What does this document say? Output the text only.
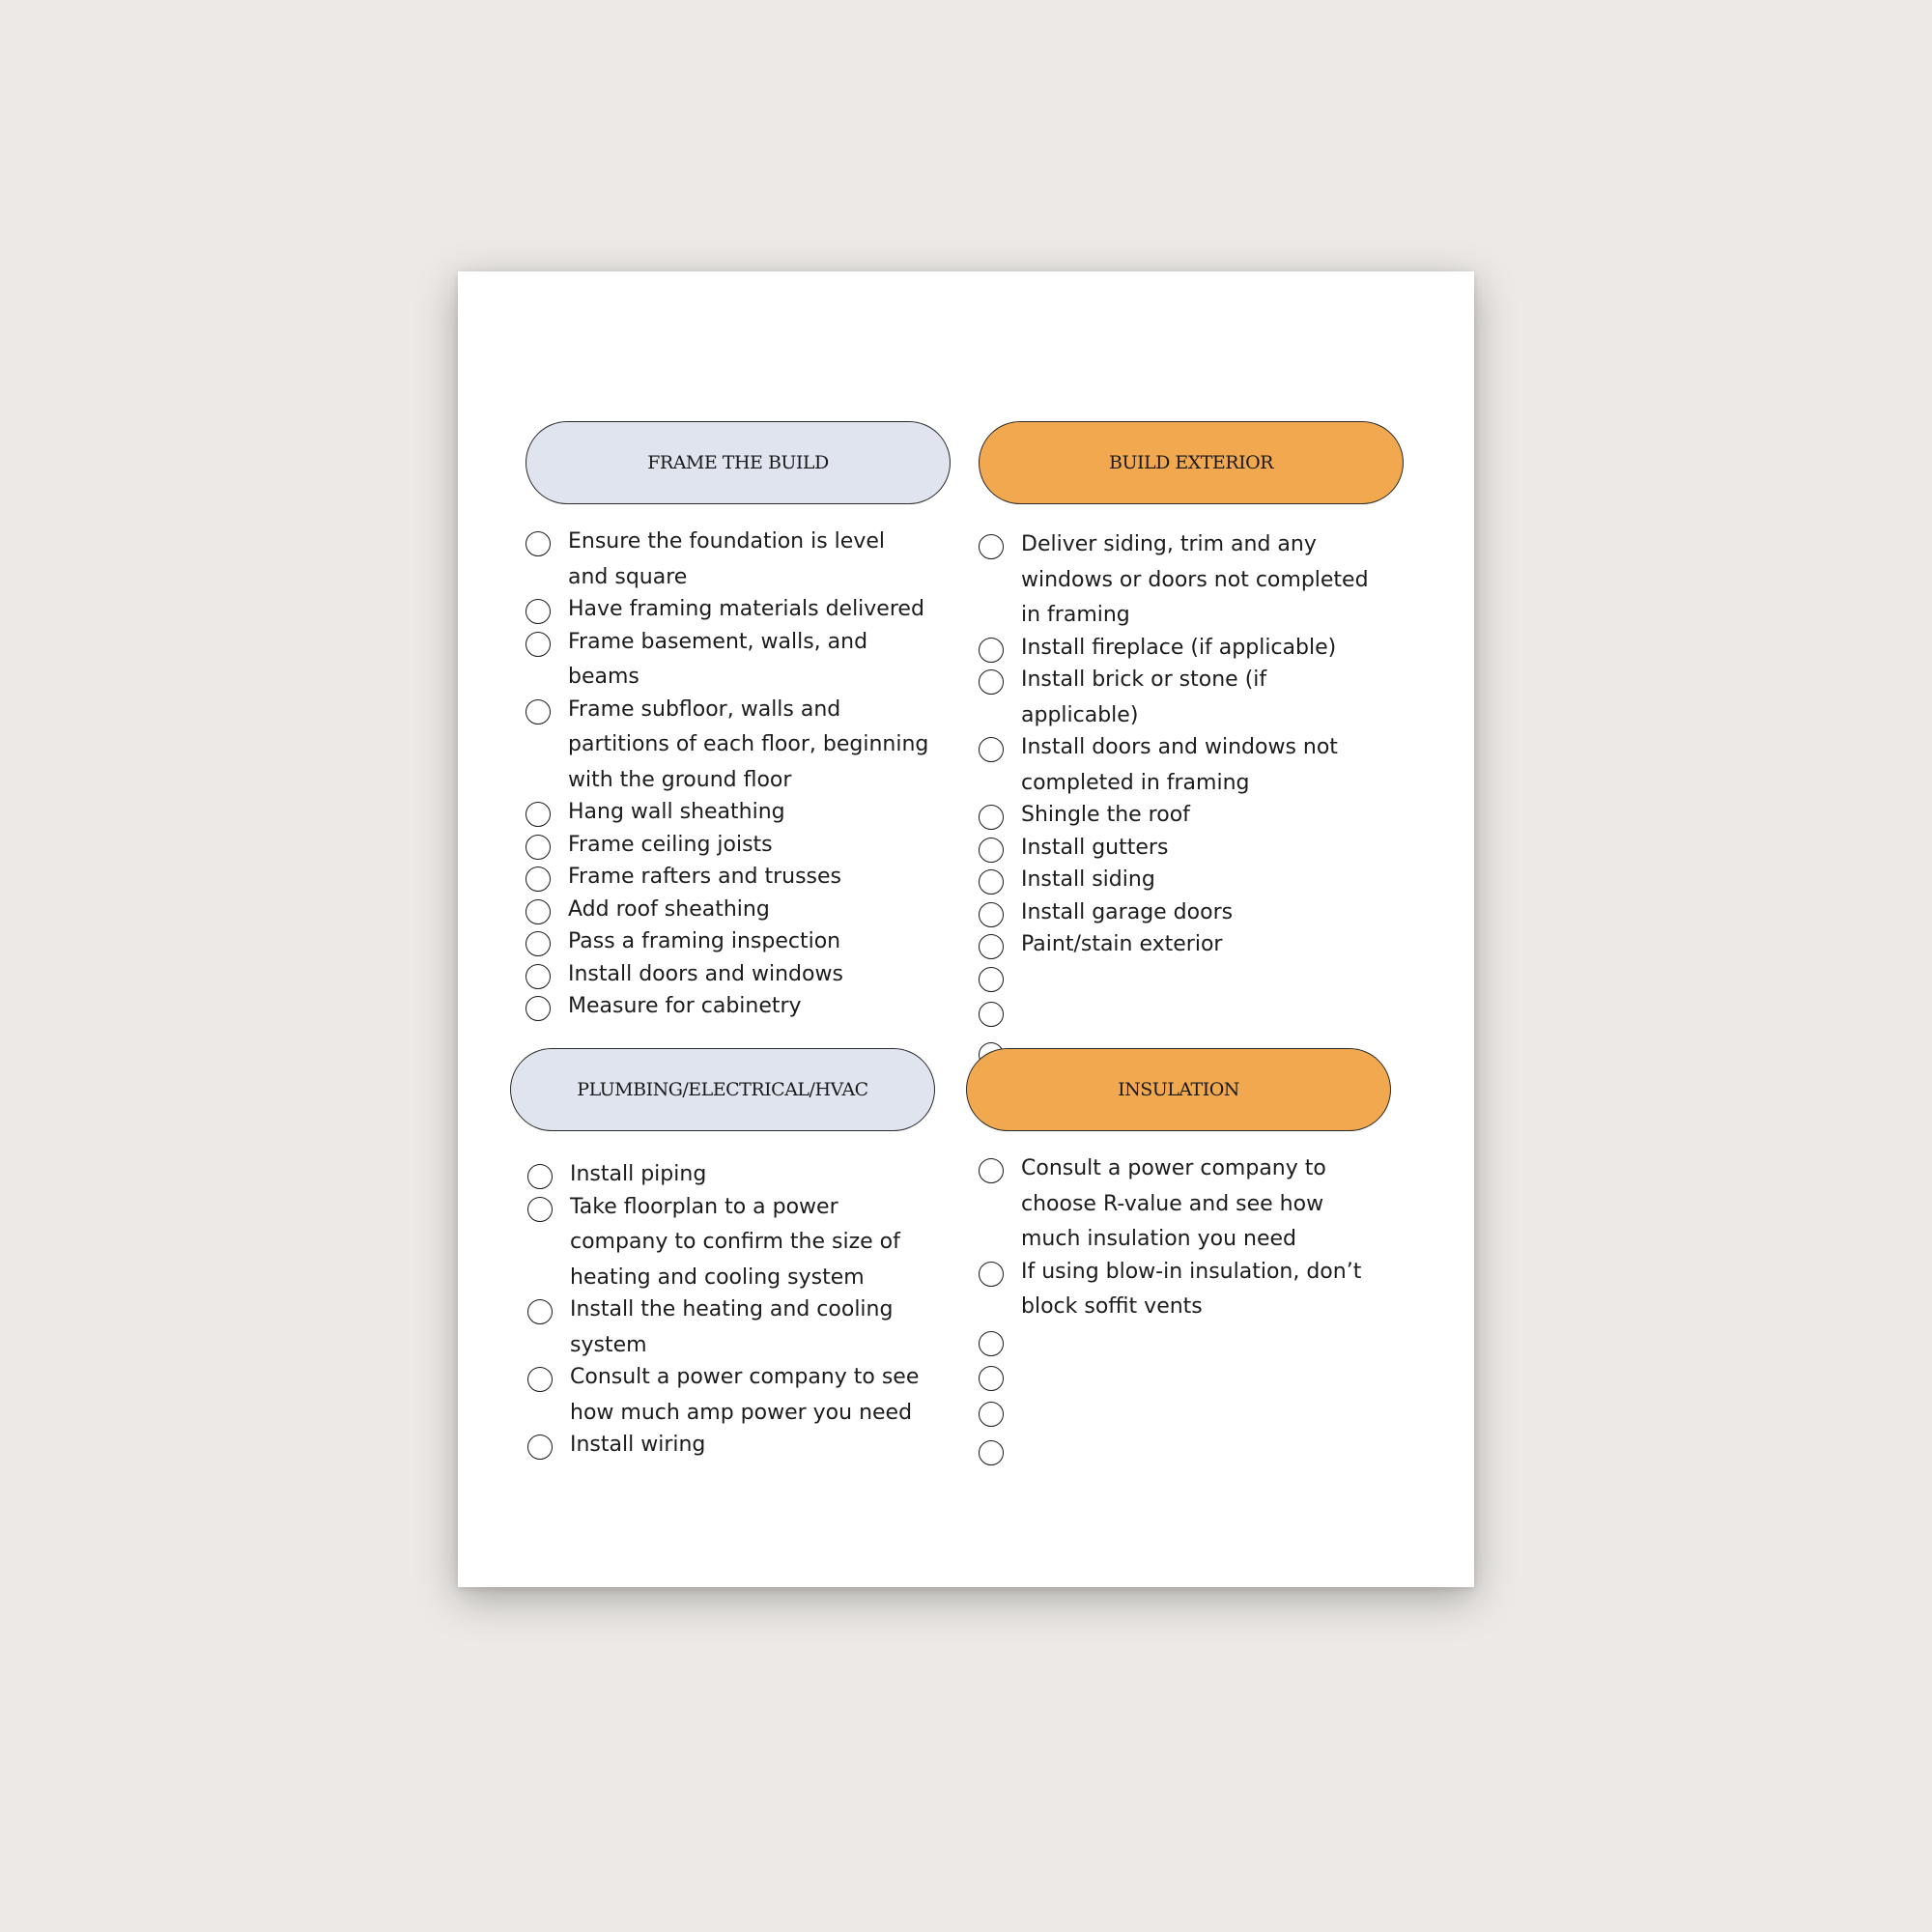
FRAME THE BUILD
Ensure the foundation is level and square
Have framing materials delivered
Frame basement, walls, and beams
Frame subfloor, walls and partitions of each floor, beginning with the ground floor
Hang wall sheathing
Frame ceiling joists
Frame rafters and trusses
Add roof sheathing
Pass a framing inspection
Install doors and windows
Measure for cabinetry
BUILD EXTERIOR
Deliver siding, trim and any windows or doors not completed in framing
Install fireplace (if applicable)
Install brick or stone (if applicable)
Install doors and windows not completed in framing
Shingle the roof
Install gutters
Install siding
Install garage doors
Paint/stain exterior
PLUMBING/ELECTRICAL/HVAC
Install piping
Take floorplan to a power company to confirm the size of heating and cooling system
Install the heating and cooling system
Consult a power company to see how much amp power you need
Install wiring
INSULATION
Consult a power company to choose R-value and see how much insulation you need
If using blow-in insulation, don’t block soffit vents
